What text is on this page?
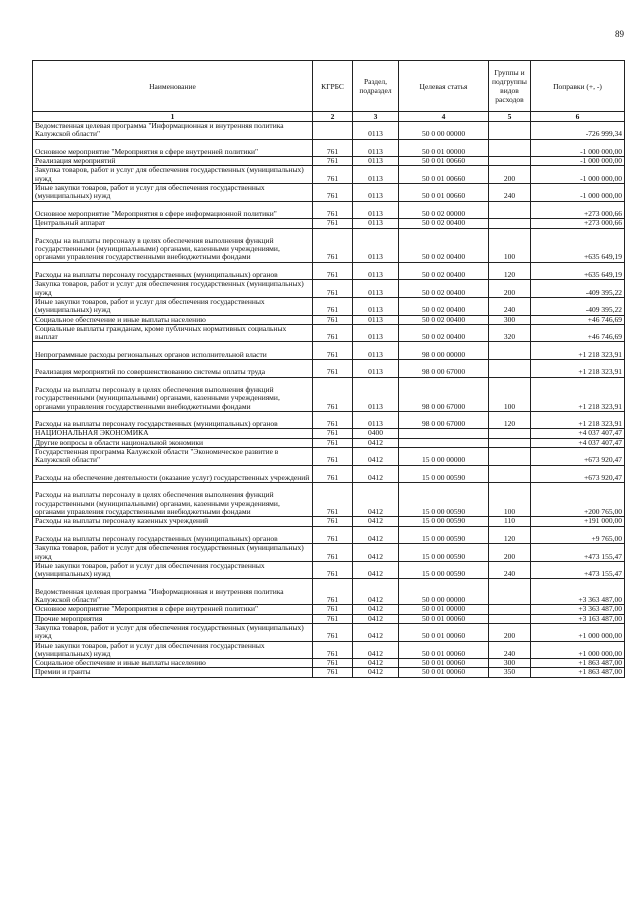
89
Наименование	КГРБС	Раздел, подраздел	Целевая статья	Группы и подгруппы видов расходов	Поправки (+, -)
1	2	3	4	5	6
Ведомственная целевая программа "Информационная и внутренняя политика Калужской области"		0113	50 0 00 00000		-726 999,34
Основное мероприятие "Мероприятия в сфере внутренней политики"	761	0113	50 0 01 00000		-1 000 000,00
Реализация мероприятий	761	0113	50 0 01 00660		-1 000 000,00
Закупка товаров, работ и услуг для обеспечения государственных (муниципальных) нужд	761	0113	50 0 01 00660	200	-1 000 000,00
Иные закупки товаров, работ и услуг для обеспечения государственных (муниципальных) нужд	761	0113	50 0 01 00660	240	-1 000 000,00
Основное мероприятие "Мероприятия в сфере информационной политики"	761	0113	50 0 02 00000		+273 000,66
Центральный аппарат	761	0113	50 0 02 00400		+273 000,66
Расходы на выплаты персоналу в целях обеспечения выполнения функций государственными (муниципальными) органами, казенными учреждениями, органами управления государственными внебюджетными фондами	761	0113	50 0 02 00400	100	+635 649,19
Расходы на выплаты персоналу государственных (муниципальных) органов	761	0113	50 0 02 00400	120	+635 649,19
Закупка товаров, работ и услуг для обеспечения государственных (муниципальных) нужд	761	0113	50 0 02 00400	200	-409 395,22
Иные закупки товаров, работ и услуг для обеспечения государственных (муниципальных) нужд	761	0113	50 0 02 00400	240	-409 395,22
Социальное обеспечение и иные выплаты населению	761	0113	50 0 02 00400	300	+46 746,69
Социальные выплаты гражданам, кроме публичных нормативных социальных выплат	761	0113	50 0 02 00400	320	+46 746,69
Непрограммные расходы региональных органов исполнительной власти	761	0113	98 0 00 00000		+1 218 323,91
Реализация мероприятий по совершенствованию системы оплаты труда	761	0113	98 0 00 67000		+1 218 323,91
Расходы на выплаты персоналу в целях обеспечения выполнения функций государственными (муниципальными) органами, казенными учреждениями, органами управления государственными внебюджетными фондами	761	0113	98 0 00 67000	100	+1 218 323,91
Расходы на выплаты персоналу государственных (муниципальных) органов	761	0113	98 0 00 67000	120	+1 218 323,91
НАЦИОНАЛЬНАЯ ЭКОНОМИКА	761	0400			+4 037 407,47
Другие вопросы в области национальной экономики	761	0412			+4 037 407,47
Государственная программа Калужской области "Экономическое развитие в Калужской области"	761	0412	15 0 00 00000		+673 920,47
Расходы на обеспечение деятельности (оказание услуг) государственных учреждений	761	0412	15 0 00 00590		+673 920,47
Расходы на выплаты персоналу в целях обеспечения выполнения функций государственными (муниципальными) органами, казенными учреждениями, органами управления государственными внебюджетными фондами	761	0412	15 0 00 00590	100	+200 765,00
Расходы на выплаты персоналу казенных учреждений	761	0412	15 0 00 00590	110	+191 000,00
Расходы на выплаты персоналу государственных (муниципальных) органов	761	0412	15 0 00 00590	120	+9 765,00
Закупка товаров, работ и услуг для обеспечения государственных (муниципальных) нужд	761	0412	15 0 00 00590	200	+473 155,47
Иные закупки товаров, работ и услуг для обеспечения государственных (муниципальных) нужд	761	0412	15 0 00 00590	240	+473 155,47
Ведомственная целевая программа "Информационная и внутренняя политика Калужской области"	761	0412	50 0 00 00000		+3 363 487,00
Основное мероприятие "Мероприятия в сфере внутренней политики"	761	0412	50 0 01 00000		+3 363 487,00
Прочие мероприятия	761	0412	50 0 01 00060		+3 163 487,00
Закупка товаров, работ и услуг для обеспечения государственных (муниципальных) нужд	761	0412	50 0 01 00060	200	+1 000 000,00
Иные закупки товаров, работ и услуг для обеспечения государственных (муниципальных) нужд	761	0412	50 0 01 00060	240	+1 000 000,00
Социальное обеспечение и иные выплаты населению	761	0412	50 0 01 00060	300	+1 863 487,00
Премии и гранты	761	0412	50 0 01 00060	350	+1 863 487,00
